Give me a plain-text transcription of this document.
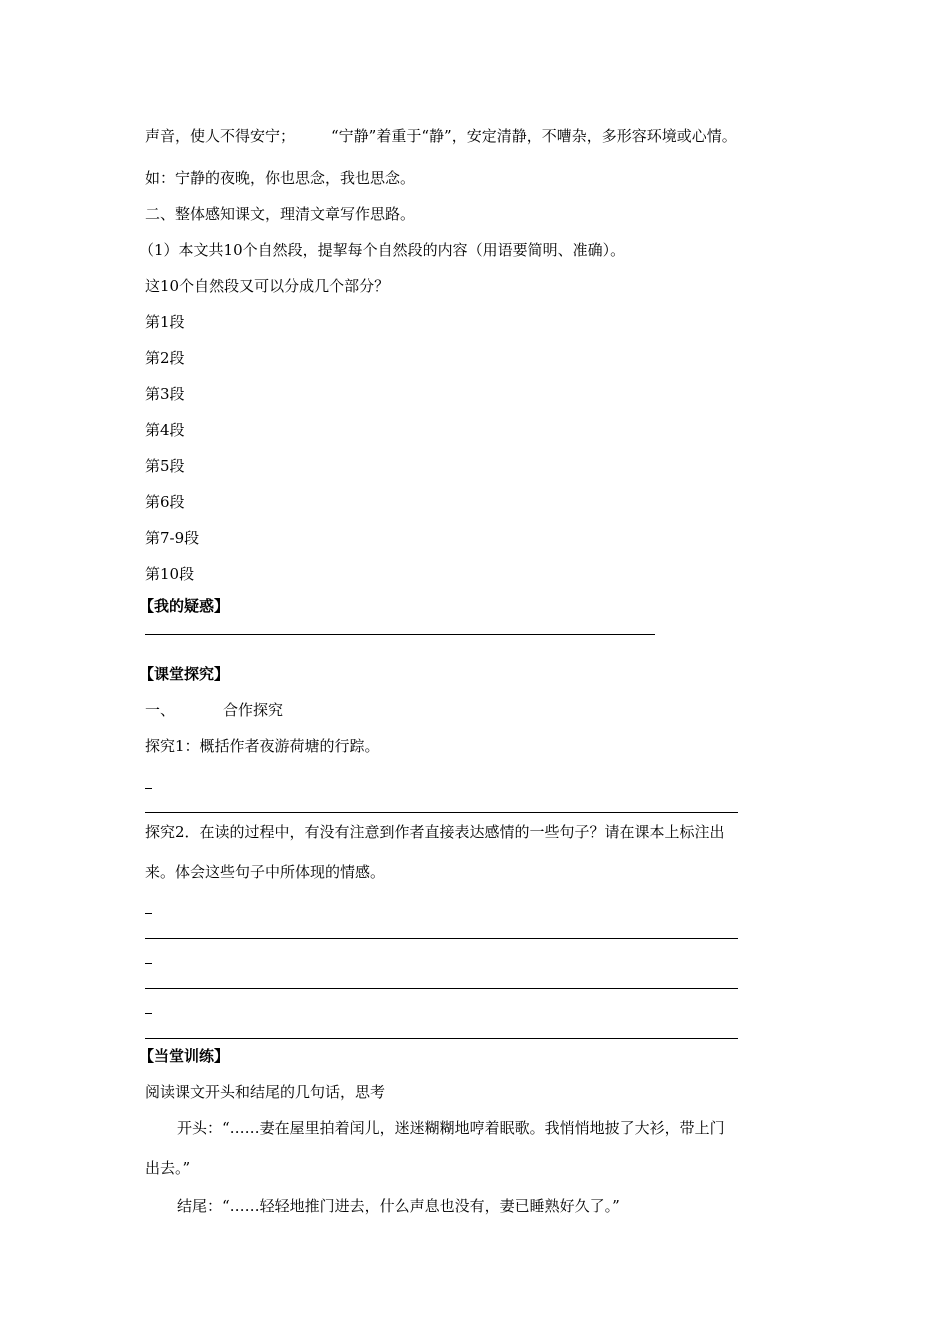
声音，使人不得安宁； “宁静”着重于“静”，安定清静，不嘈杂，多形容环境或心情。
如：宁静的夜晚，你也思念，我也思念。
二、整体感知课文，理清文章写作思路。
（1）本文共10个自然段，提挈每个自然段的内容（用语要简明、准确）。
这10个自然段又可以分成几个部分？
第1段
第2段
第3段
第4段
第5段
第6段
第7-9段
第10段
【我的疑惑】
【课堂探究】
一、	合作探究
探究1：概括作者夜游荷塘的行踪。
探究2．在读的过程中，有没有注意到作者直接表达感情的一些句子？请在课本上标注出
来。体会这些句子中所体现的情感。
【当堂训练】
阅读课文开头和结尾的几句话，思考
开头：“……妻在屋里拍着闰儿，迷迷糊糊地哼着眠歌。我悄悄地披了大衫，带上门
出去。”
结尾：“……轻轻地推门进去，什么声息也没有，妻已睡熟好久了。”
